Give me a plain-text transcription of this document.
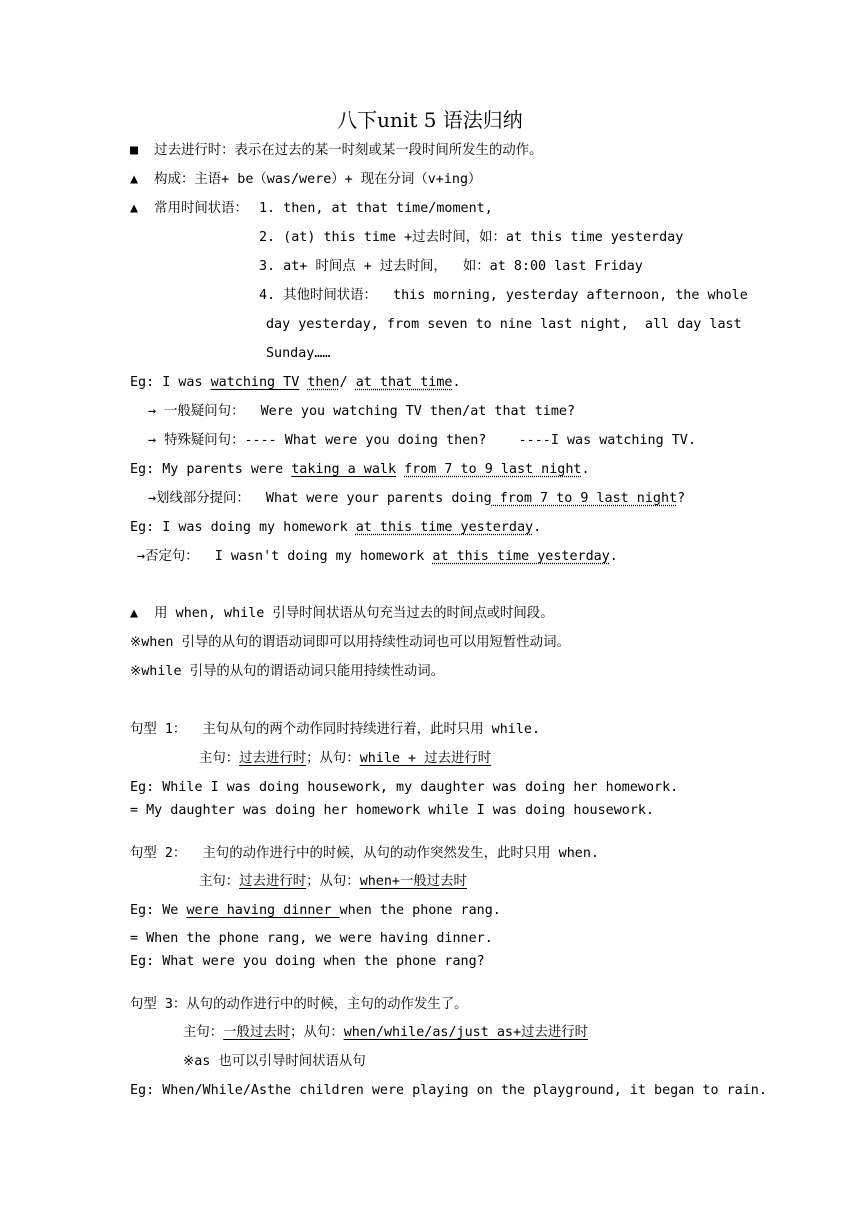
八下unit 5 语法归纳
■  过去进行时：表示在过去的某一时刻或某一段时间所发生的动作。
▲  构成：主语+ be（was/were）+ 现在分词（v+ing）
▲  常用时间状语： 1. then, at that time/moment,
2. (at) this time +过去时间，如：at this time yesterday
3. at+ 时间点 + 过去时间，  如：at 8:00 last Friday
4. 其他时间状语：  this morning, yesterday afternoon, the whole
day yesterday, from seven to nine last night,  all day last
Sunday……
Eg: I was watching TV then/ at that time.
→ 一般疑问句：  Were you watching TV then/at that time?
→ 特殊疑问句：---- What were you doing then?    ----I was watching TV.
Eg: My parents were taking a walk from 7 to 9 last night.
→划线部分提问：  What were your parents doing from 7 to 9 last night?
Eg: I was doing my homework at this time yesterday.
→否定句：  I wasn't doing my homework at this time yesterday.
▲  用 when, while 引导时间状语从句充当过去的时间点或时间段。
※when 引导的从句的谓语动词即可以用持续性动词也可以用短暂性动词。
※while 引导的从句的谓语动词只能用持续性动词。
句型 1：  主句从句的两个动作同时持续进行着，此时只用 while.
主句：过去进行时；从句：while + 过去进行时
Eg: While I was doing housework, my daughter was doing her homework.
= My daughter was doing her homework while I was doing housework.
句型 2：  主句的动作进行中的时候，从句的动作突然发生，此时只用 when.
主句：过去进行时；从句：when+一般过去时
Eg: We were having dinner when the phone rang.
= When the phone rang, we were having dinner.
Eg: What were you doing when the phone rang?
句型 3：从句的动作进行中的时候，主句的动作发生了。
主句：一般过去时；从句：when/while/as/just as+过去进行时
※as 也可以引导时间状语从句
Eg: When/While/Asthe children were playing on the playground, it began to rain.
